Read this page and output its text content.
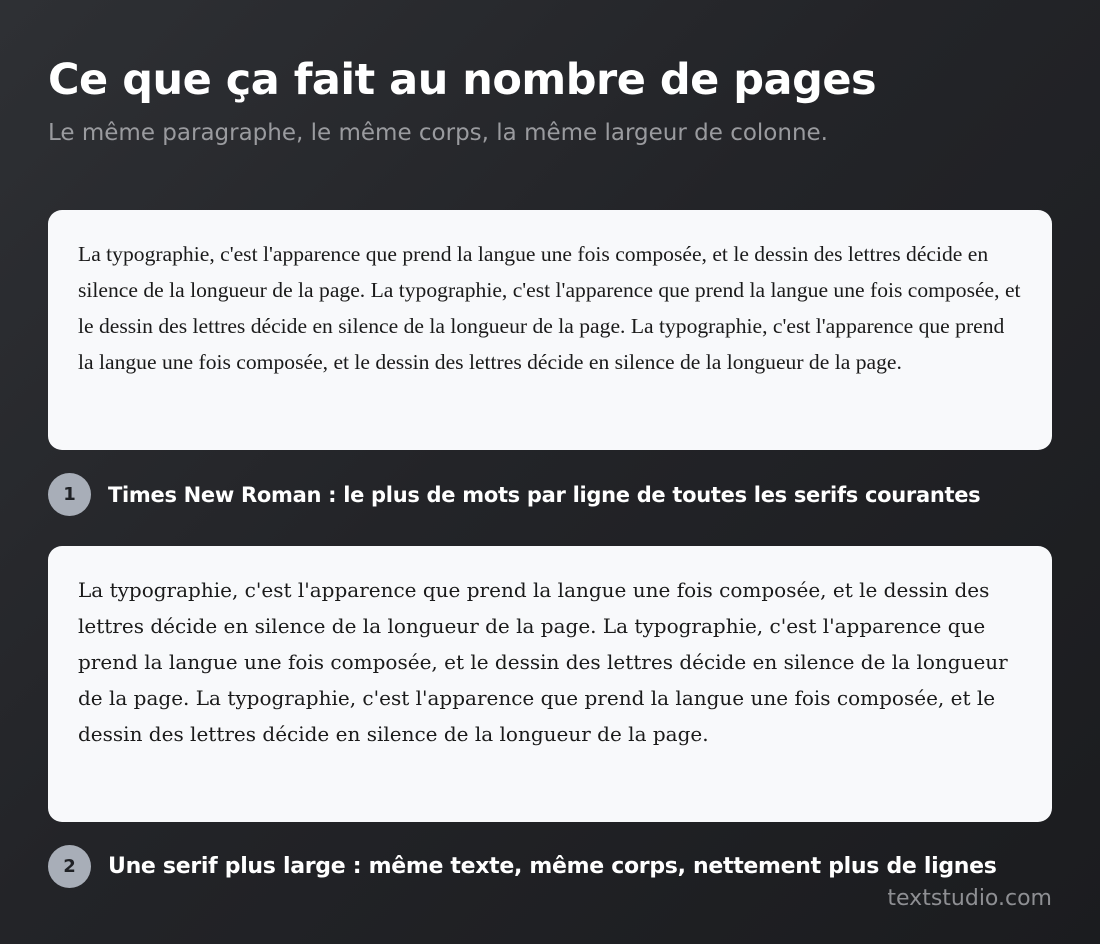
Ce que ça fait au nombre de pages

Le même paragraphe, le même corps, la même largeur de colonne.

La typographie, c'est l'apparence que prend la langue une fois composée, et le dessin des lettres décide en silence de la longueur de la page. La typographie, c'est l'apparence que prend la langue une fois composée, et le dessin des lettres décide en silence de la longueur de la page. La typographie, c'est l'apparence que prend la langue une fois composée, et le dessin des lettres décide en silence de la longueur de la page.

1	Times New Roman : le plus de mots par ligne de toutes les serifs courantes

La typographie, c'est l'apparence que prend la langue une fois composée, et le dessin des lettres décide en silence de la longueur de la page. La typographie, c'est l'apparence que prend la langue une fois composée, et le dessin des lettres décide en silence de la longueur de la page. La typographie, c'est l'apparence que prend la langue une fois composée, et le dessin des lettres décide en silence de la longueur de la page.

2	Une serif plus large : même texte, même corps, nettement plus de lignes
textstudio.com
